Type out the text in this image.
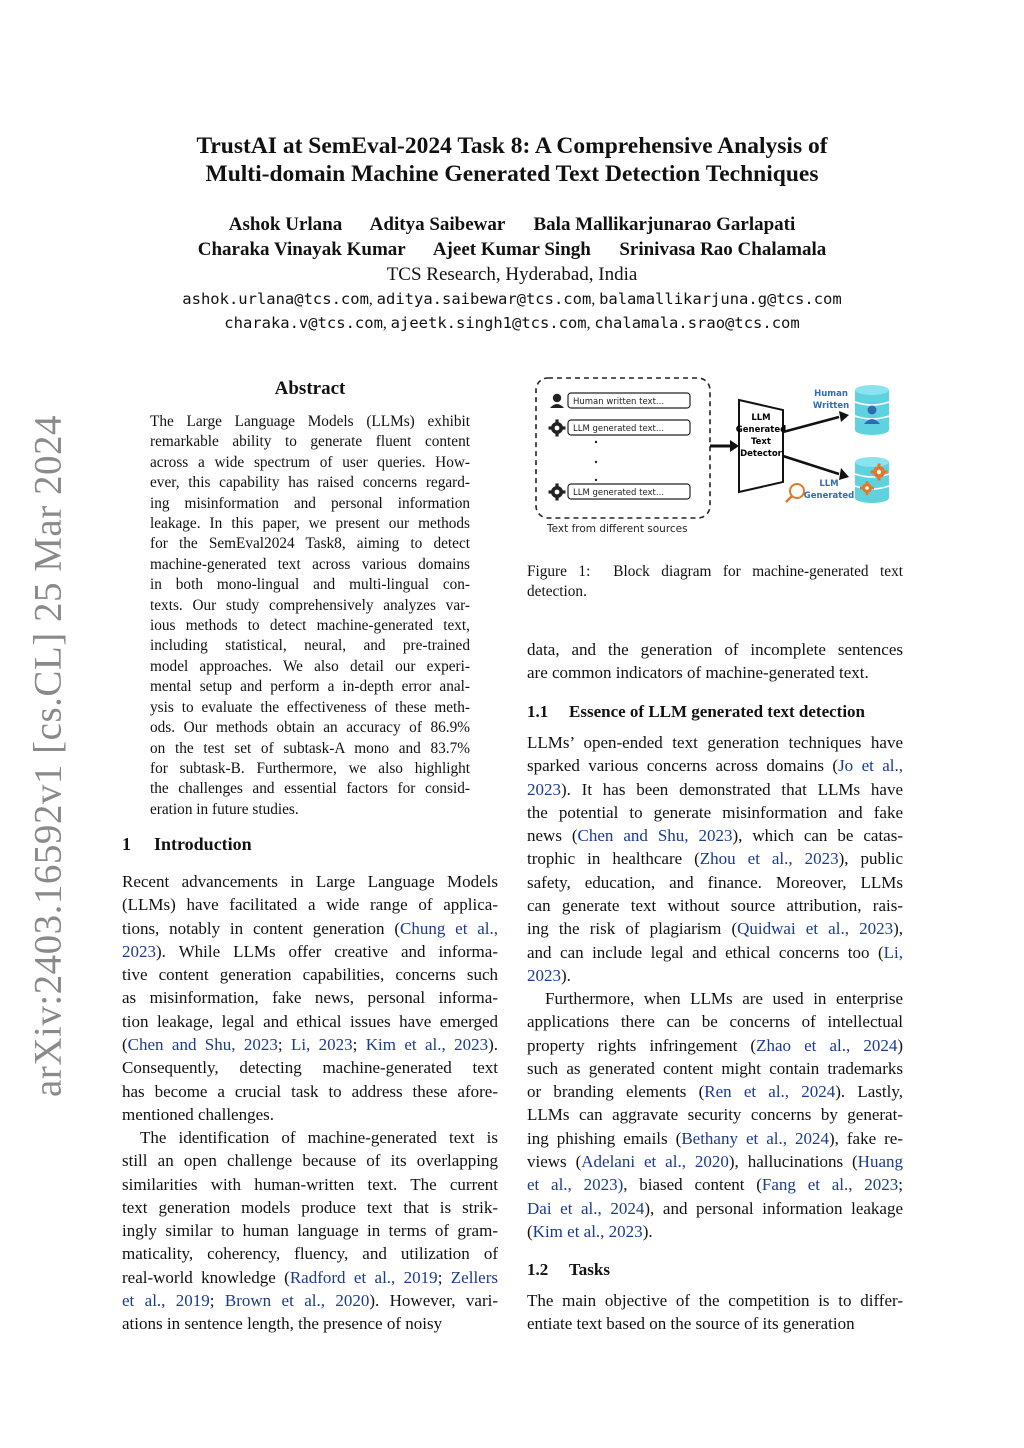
TrustAI at SemEval-2024 Task 8: A Comprehensive Analysis of
Multi-domain Machine Generated Text Detection Techniques
Ashok Urlana      Aditya Saibewar      Bala Mallikarjunarao Garlapati
Charaka Vinayak Kumar      Ajeet Kumar Singh      Srinivasa Rao Chalamala
TCS Research, Hyderabad, India
ashok.urlana@tcs.com, aditya.saibewar@tcs.com, balamallikarjuna.g@tcs.com
charaka.v@tcs.com, ajeetk.singh1@tcs.com, chalamala.srao@tcs.com
arXiv:2403.16592v1 [cs.CL] 25 Mar 2024
Abstract
The Large Language Models (LLMs) exhibit
remarkable ability to generate fluent content
across a wide spectrum of user queries. How-
ever, this capability has raised concerns regard-
ing misinformation and personal information
leakage. In this paper, we present our methods
for the SemEval2024 Task8, aiming to detect
machine-generated text across various domains
in both mono-lingual and multi-lingual con-
texts. Our study comprehensively analyzes var-
ious methods to detect machine-generated text,
including statistical, neural, and pre-trained
model approaches. We also detail our experi-
mental setup and perform a in-depth error anal-
ysis to evaluate the effectiveness of these meth-
ods. Our methods obtain an accuracy of 86.9%
on the test set of subtask-A mono and 83.7%
for subtask-B. Furthermore, we also highlight
the challenges and essential factors for consid-
eration in future studies.
1 Introduction
Recent advancements in Large Language Models
(LLMs) have facilitated a wide range of applica-
tions, notably in content generation (Chung et al.,
2023). While LLMs offer creative and informa-
tive content generation capabilities, concerns such
as misinformation, fake news, personal informa-
tion leakage, legal and ethical issues have emerged
(Chen and Shu, 2023; Li, 2023; Kim et al., 2023).
Consequently, detecting machine-generated text
has become a crucial task to address these afore-
mentioned challenges.
The identification of machine-generated text is
still an open challenge because of its overlapping
similarities with human-written text. The current
text generation models produce text that is strik-
ingly similar to human language in terms of gram-
maticality, coherency, fluency, and utilization of
real-world knowledge (Radford et al., 2019; Zellers
et al., 2019; Brown et al., 2020). However, vari-
ations in sentence length, the presence of noisy
Human written text...
LLM generated text...
LLM generated text...
Text from different sources
LLM
Generated
Text
Detector
Human
Written
LLM
Generated
Figure 1:  Block diagram for machine-generated text
detection.
data, and the generation of incomplete sentences
are common indicators of machine-generated text.
1.1 Essence of LLM generated text detection
LLMs’ open-ended text generation techniques have
sparked various concerns across domains (Jo et al.,
2023). It has been demonstrated that LLMs have
the potential to generate misinformation and fake
news (Chen and Shu, 2023), which can be catas-
trophic in healthcare (Zhou et al., 2023), public
safety, education, and finance. Moreover, LLMs
can generate text without source attribution, rais-
ing the risk of plagiarism (Quidwai et al., 2023),
and can include legal and ethical concerns too (Li,
2023).
Furthermore, when LLMs are used in enterprise
applications there can be concerns of intellectual
property rights infringement (Zhao et al., 2024)
such as generated content might contain trademarks
or branding elements (Ren et al., 2024). Lastly,
LLMs can aggravate security concerns by generat-
ing phishing emails (Bethany et al., 2024), fake re-
views (Adelani et al., 2020), hallucinations (Huang
et al., 2023), biased content (Fang et al., 2023;
Dai et al., 2024), and personal information leakage
(Kim et al., 2023).
1.2 Tasks
The main objective of the competition is to differ-
entiate text based on the source of its generation
